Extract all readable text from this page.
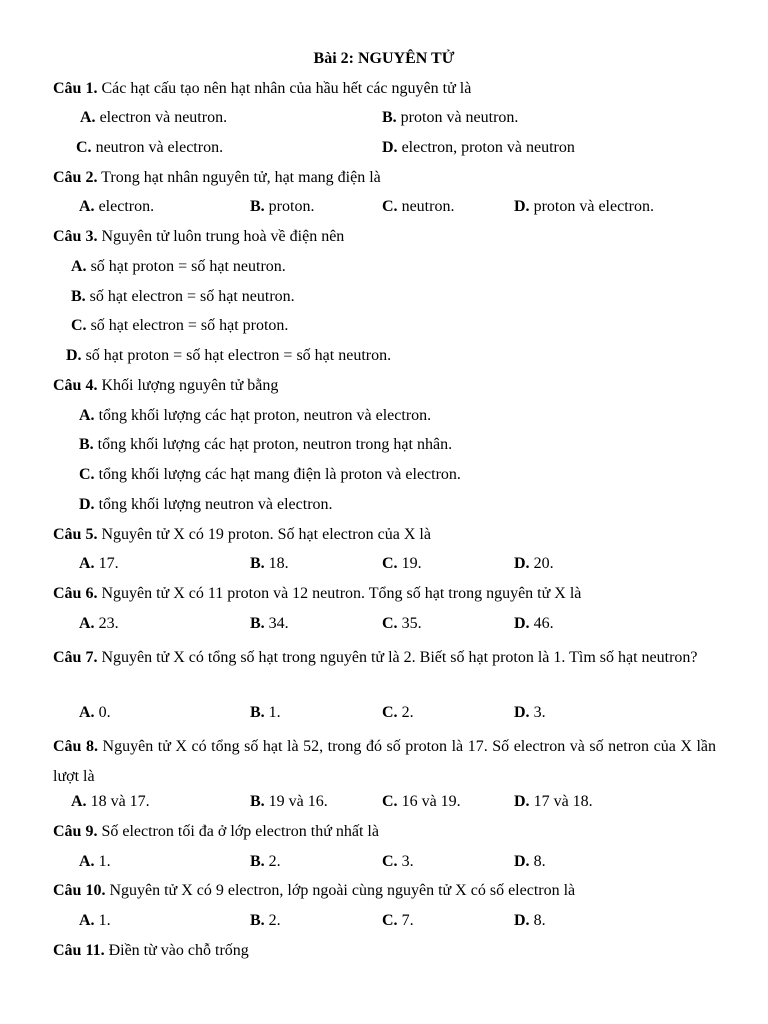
Bài 2: NGUYÊN TỬ
Câu 1. Các hạt cấu tạo nên hạt nhân của hầu hết các nguyên tử là
A. electron và neutron.	B. proton và neutron.
C. neutron và electron.	D. electron, proton và neutron
Câu 2. Trong hạt nhân nguyên tử, hạt mang điện là
A. electron.	B. proton.	C. neutron.	D. proton và electron.
Câu 3. Nguyên tử luôn trung hoà về điện nên
A. số hạt proton = số hạt neutron.
B. số hạt electron = số hạt neutron.
C. số hạt electron = số hạt proton.
D. số hạt proton = số hạt electron = số hạt neutron.
Câu 4. Khối lượng nguyên tử bằng
A. tổng khối lượng các hạt proton, neutron và electron.
B. tổng khối lượng các hạt proton, neutron trong hạt nhân.
C. tổng khối lượng các hạt mang điện là proton và electron.
D. tổng khối lượng neutron và electron.
Câu 5. Nguyên tử X có 19 proton. Số hạt electron của X là
A. 17.	B. 18.	C. 19.	D. 20.
Câu 6. Nguyên tử X có 11 proton và 12 neutron. Tổng số hạt trong nguyên tử X là
A. 23.	B. 34.	C. 35.	D. 46.
Câu 7. Nguyên tử X có tổng số hạt trong nguyên tử là 2. Biết số hạt proton là 1. Tìm số hạt neutron?
A. 0.	B. 1.	C. 2.	D. 3.
Câu 8. Nguyên tử X có tổng số hạt là 52, trong đó số proton là 17. Số electron và số netron của X lần lượt là
A. 18 và 17.	B. 19 và 16.	C. 16 và 19.	D. 17 và 18.
Câu 9. Số electron tối đa ở lớp electron thứ nhất là
A. 1.	B. 2.	C. 3.	D. 8.
Câu 10. Nguyên tử X có 9 electron, lớp ngoài cùng nguyên tử X có số electron là
A. 1.	B. 2.	C. 7.	D. 8.
Câu 11. Điền từ vào chỗ trống
